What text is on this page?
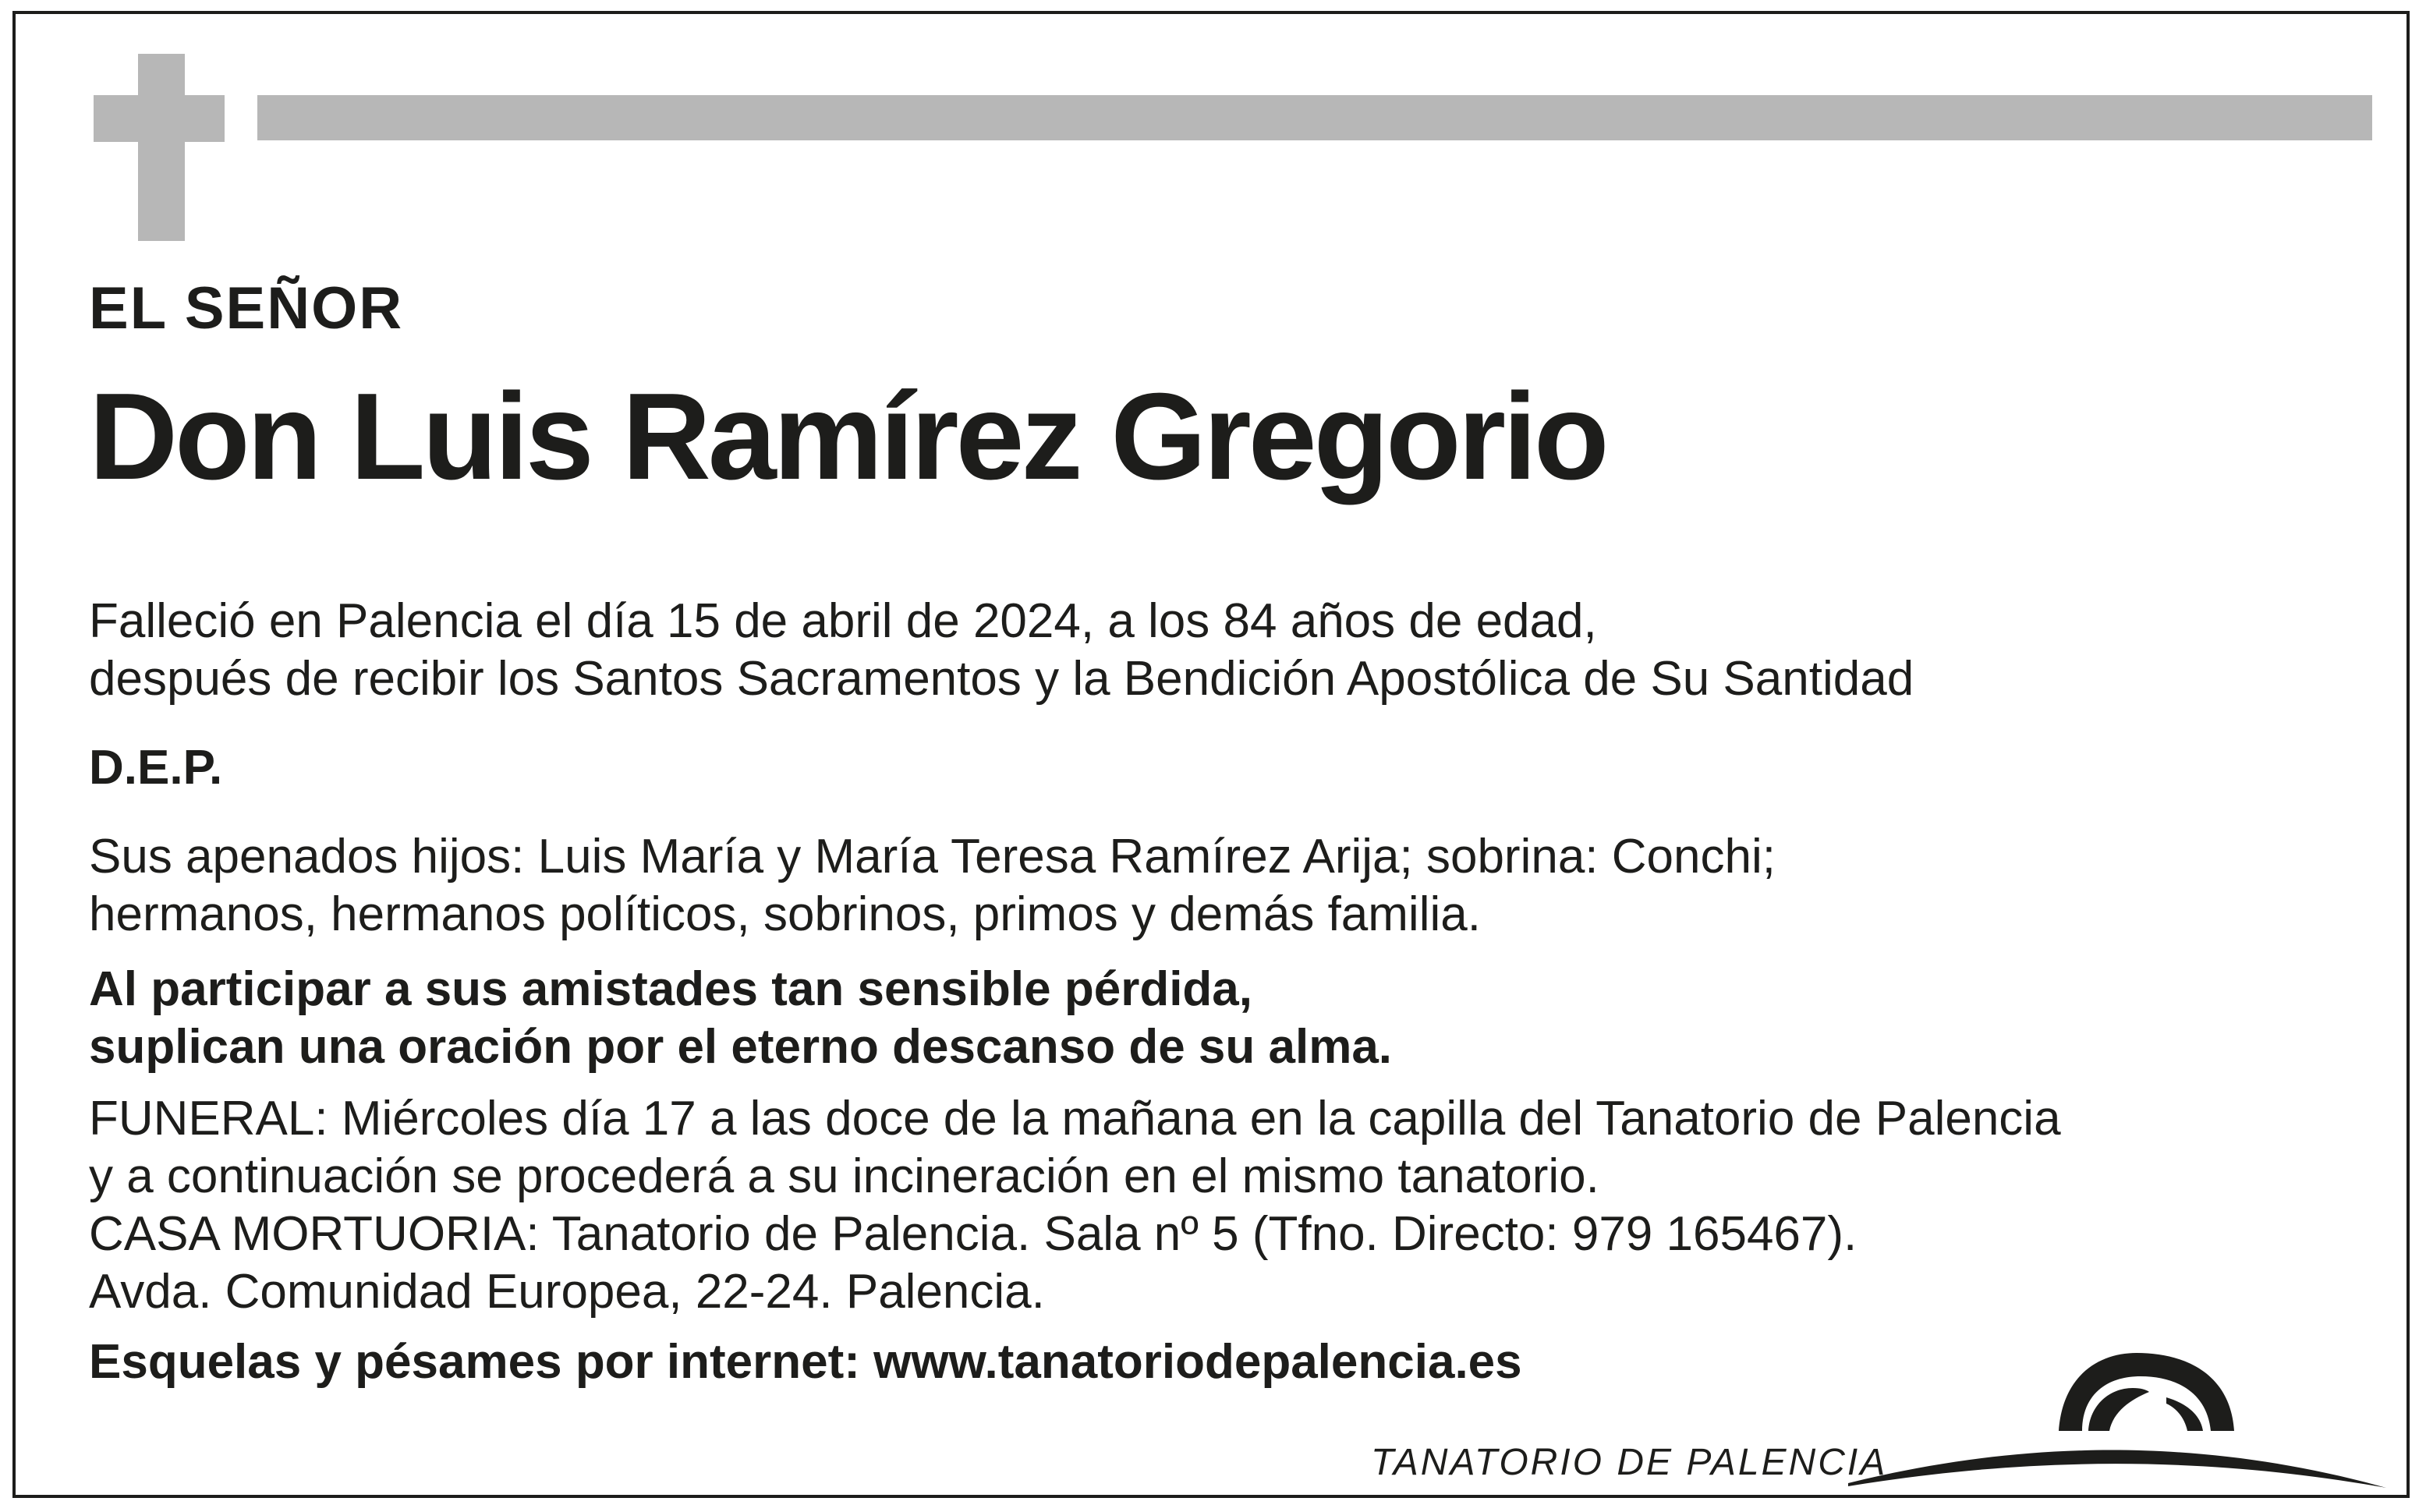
EL SEÑOR

Don Luis Ramírez Gregorio

Falleció en Palencia el día 15 de abril de 2024, a los 84 años de edad,
después de recibir los Santos Sacramentos y la Bendición Apostólica de Su Santidad

D.E.P.

Sus apenados hijos: Luis María y María Teresa Ramírez Arija; sobrina: Conchi;
hermanos, hermanos políticos, sobrinos, primos y demás familia.
Al participar a sus amistades tan sensible pérdida,
suplican una oración por el eterno descanso de su alma.
FUNERAL: Miércoles día 17 a las doce de la mañana en la capilla del Tanatorio de Palencia
y a continuación se procederá a su incineración en el mismo tanatorio.
CASA MORTUORIA: Tanatorio de Palencia. Sala nº 5 (Tfno. Directo: 979 165467).
Avda. Comunidad Europea, 22-24. Palencia.

Esquelas y pésames por internet: www.tanatoriodepalencia.es

TANATORIO DE PALENCIA
